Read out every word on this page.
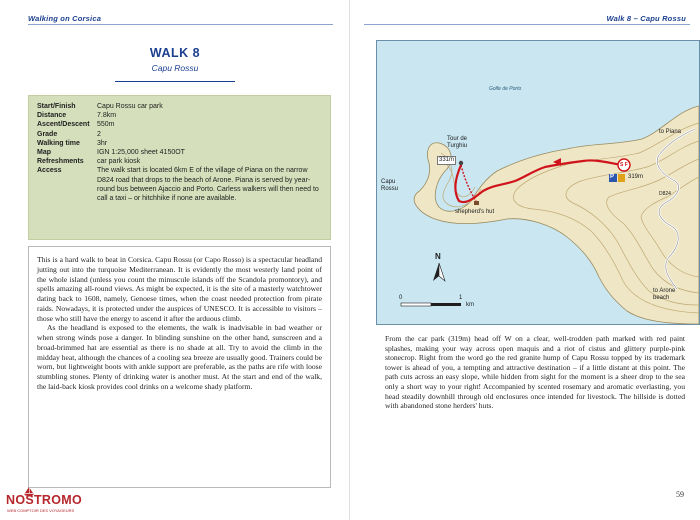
Walking on Corsica
WALK 8
Capu Rossu
Start/Finish	Capu Rossu car park
Distance	7.8km
Ascent/Descent	550m
Grade	2
Walking time	3hr
Map	IGN 1:25,000 sheet 4150OT
Refreshments	car park kiosk
Access	The walk start is located 6km E of the village of Piana on the narrow D824 road that drops to the beach of Arone. Piana is served by year-round bus between Ajaccio and Porto. Carless walkers will then need to call a taxi – or hitchhike if none are available.

This is a hard walk to beat in Corsica. Capu Rossu (or Capo Rosso) is a spectacular headland jutting out into the turquoise Mediterranean. It is evidently the most westerly land point of the whole island (unless you count the minuscule islands off the Scandola promontory), and spells amazing all-round views. As might be expected, it is the site of a masterly watchtower dating back to 1608, namely, Genoese times, when the coast needed protection from pirate raids. Nowadays, it is protected under the auspices of UNESCO. It is accessible to visitors – those who still have the energy to ascend it after the arduous climb.

As the headland is exposed to the elements, the walk is inadvisable in bad weather or when strong winds pose a danger. In blinding sunshine on the other hand, sunscreen and a broad-brimmed hat are essential as there is no shade at all. Try to avoid the climb in the midday heat, although the chances of a cooling sea breeze are usually good. Trainers could be worn, but lightweight boots with ankle support are preferable, as the paths are rife with loose stumbling stones. Plenty of drinking water is another must. At the start and end of the walk, the laid-back kiosk provides cool drinks on a welcome shady platform.

NOSTROMO
WEB COMPTOIR DES VOYAGEURS
Walk 8 – Capu Rossu
Golfe de Porto
Tour de Turghiu
331m
Capu Rossu
shepherd's hut
S F
P 319m
to Piana
D824
to Arone beach
N
0	1
km

From the car park (319m) head off W on a clear, well-trodden path marked with red paint splashes, making your way across open maquis and a riot of cistus and glittery purple-pink stonecrop. Right from the word go the red granite hump of Capu Rossu topped by its trademark tower is ahead of you, a tempting and attractive destination – if a little distant at this point. The path cuts across an easy slope, while hidden from sight for the moment is a sheer drop to the sea only a short way to your right! Accompanied by scented rosemary and aromatic everlasting, you head steadily downhill through old enclosures once intended for livestock. The hillside is dotted with abandoned stone herders' huts.

59
